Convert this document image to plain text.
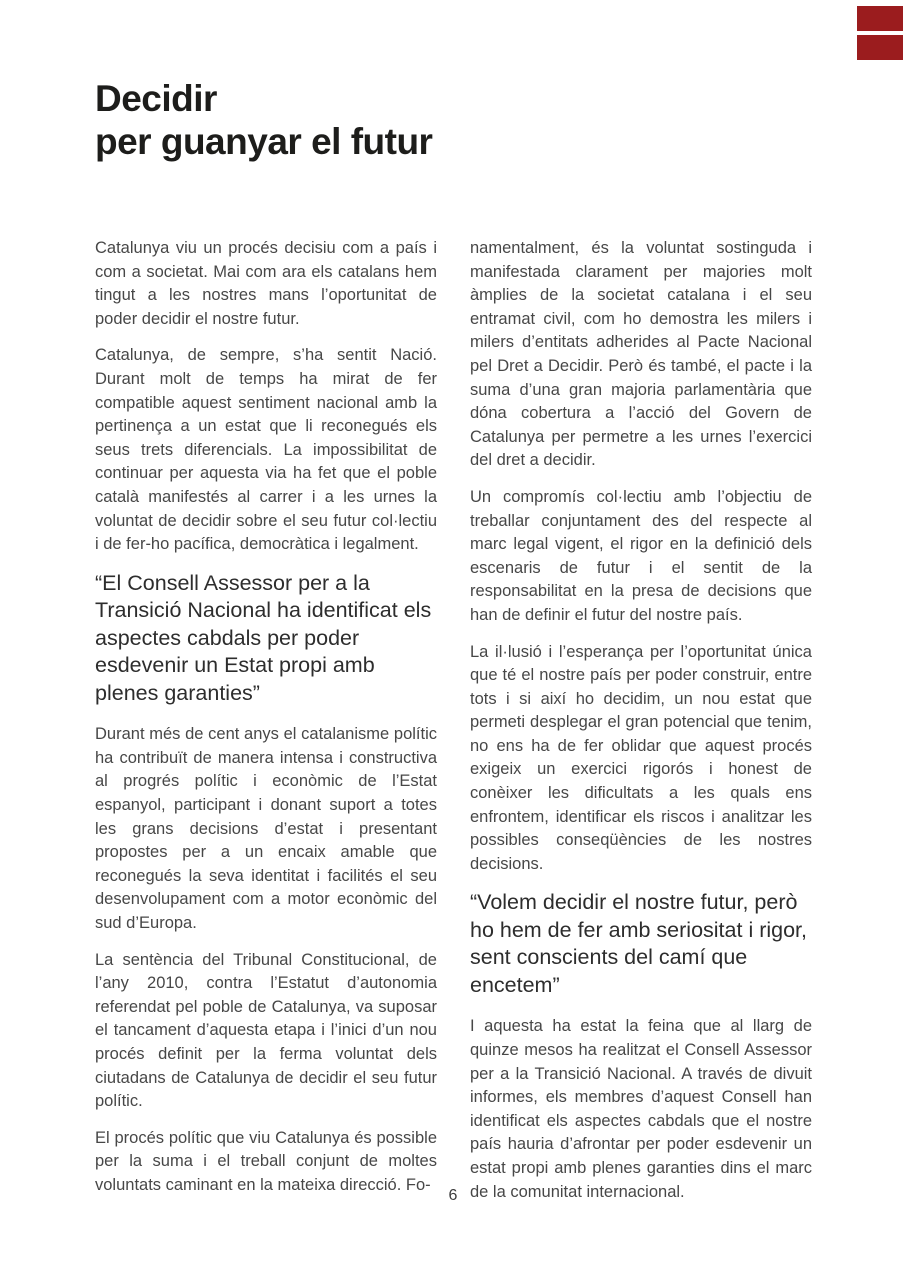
Decidir
per guanyar el futur

Catalunya viu un procés decisiu com a país i com a societat. Mai com ara els catalans hem tingut a les nostres mans l’oportunitat de poder decidir el nostre futur.

Catalunya, de sempre, s’ha sentit Nació. Durant molt de temps ha mirat de fer compatible aquest sentiment nacional amb la pertinença a un estat que li reconegués els seus trets diferencials. La impossibilitat de continuar per aquesta via ha fet que el poble català manifestés al carrer i a les urnes la voluntat de decidir sobre el seu futur col·lectiu i de fer-ho pacífica, democràtica i legalment.

“El Consell Assessor per a la Transició Nacional ha identificat els aspectes cabdals per poder esdevenir un Estat propi amb plenes garanties”

Durant més de cent anys el catalanisme polític ha contribuït de manera intensa i constructiva al progrés polític i econòmic de l’Estat espanyol, participant i donant suport a totes les grans decisions d’estat i presentant propostes per a un encaix amable que reconegués la seva identitat i facilités el seu desenvolupament com a motor econòmic del sud d’Europa.

La sentència del Tribunal Constitucional, de l’any 2010, contra l’Estatut d’autonomia referendat pel poble de Catalunya, va suposar el tancament d’aquesta etapa i l’inici d’un nou procés definit per la ferma voluntat dels ciutadans de Catalunya de decidir el seu futur polític.

El procés polític que viu Catalunya és possible per la suma i el treball conjunt de moltes voluntats caminant en la mateixa direcció. Fo-

namentalment, és la voluntat sostinguda i manifestada clarament per majories molt àmplies de la societat catalana i el seu entramat civil, com ho demostra les milers i milers d’entitats adherides al Pacte Nacional pel Dret a Decidir. Però és també, el pacte i la suma d’una gran majoria parlamentària que dóna cobertura a l’acció del Govern de Catalunya per permetre a les urnes l’exercici del dret a decidir.

Un compromís col·lectiu amb l’objectiu de treballar conjuntament des del respecte al marc legal vigent, el rigor en la definició dels escenaris de futur i el sentit de la responsabilitat en la presa de decisions que han de definir el futur del nostre país.

La il·lusió i l’esperança per l’oportunitat única que té el nostre país per poder construir, entre tots i si així ho decidim, un nou estat que permeti desplegar el gran potencial que tenim, no ens ha de fer oblidar que aquest procés exigeix un exercici rigorós i honest de conèixer les dificultats a les quals ens enfrontem, identificar els riscos i analitzar les possibles conseqüències de les nostres decisions.

“Volem decidir el nostre futur, però ho hem de fer amb seriositat i rigor, sent conscients del camí que encetem”

I aquesta ha estat la feina que al llarg de quinze mesos ha realitzat el Consell Assessor per a la Transició Nacional. A través de divuit informes, els membres d’aquest Consell han identificat els aspectes cabdals que el nostre país hauria d’afrontar per poder esdevenir un estat propi amb plenes garanties dins el marc de la comunitat internacional.

6
